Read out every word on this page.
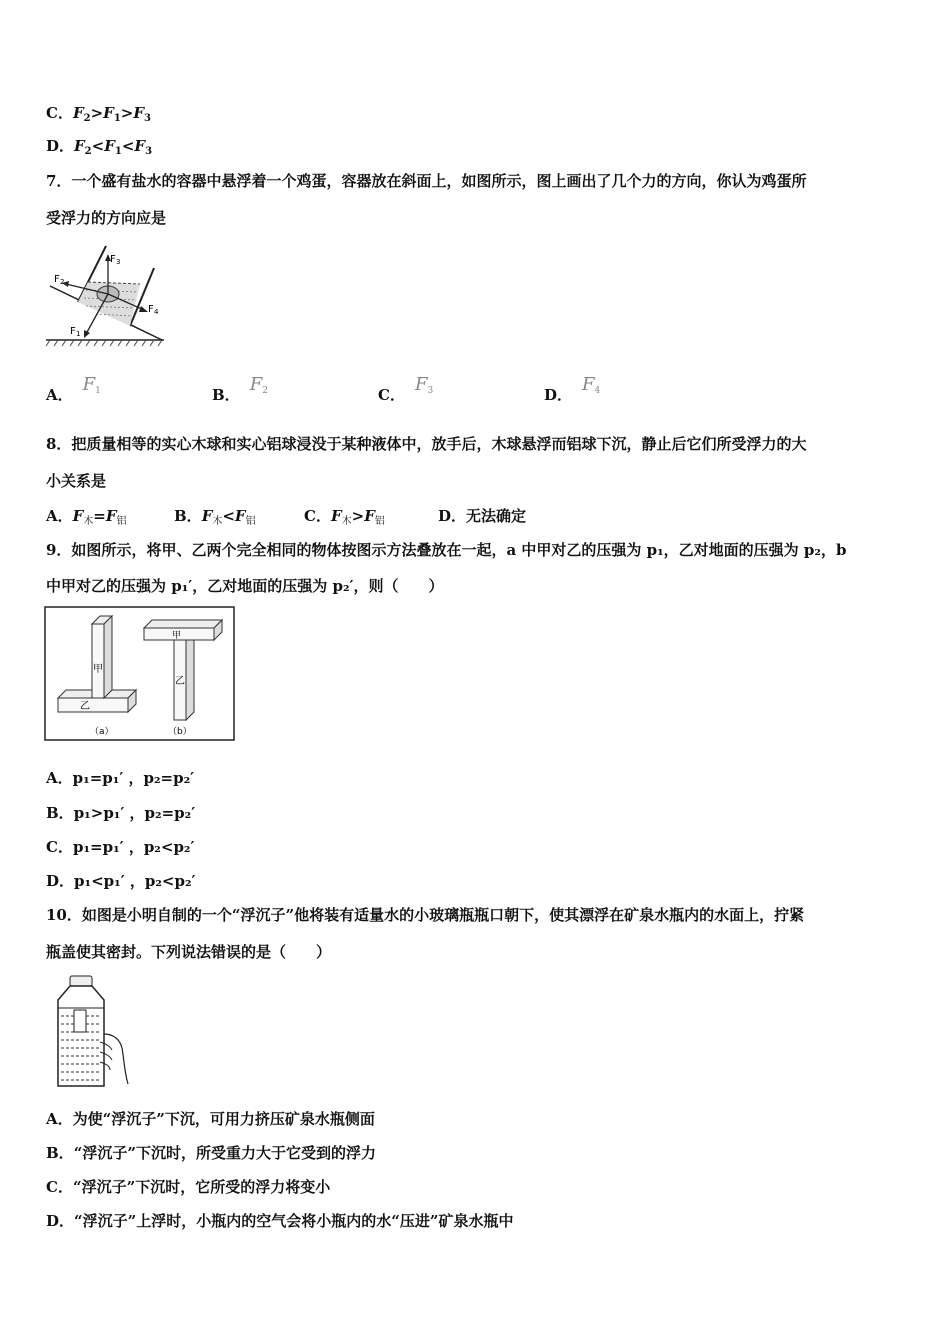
C．$F_2>F_1>F_3$
D．$F_2<F_1<F_3$
7．一个盛有盐水的容器中悬浮着一个鸡蛋，容器放在斜面上，如图所示，图上画出了几个力的方向，你认为鸡蛋所
受浮力的方向应是
F 3
F 2
F 4
F 1
A． $F_1$	B． $F_2$	C． $F_3$	D． $F_4$
8．把质量相等的实心木球和实心铝球浸没于某种液体中，放手后，木球悬浮而铝球下沉，静止后它们所受浮力的大
小关系是
A．$F_木=F_铝$	B．$F_木<F_铝$	C．$F_木>F_铝$	D．无法确定
9．如图所示，将甲、乙两个完全相同的物体按图示方法叠放在一起，a 中甲对乙的压强为 p₁，乙对地面的压强为 p₂，b
中甲对乙的压强为 p₁′，乙对地面的压强为 p₂′，则（　　）
甲
乙
甲
乙
（a）	（b）
A．p₁=p₁′ ，p₂=p₂′
B．p₁>p₁′ ，p₂=p₂′
C．p₁=p₁′ ，p₂<p₂′
D．p₁<p₁′ ，p₂<p₂′
10．如图是小明自制的一个“浮沉子”他将装有适量水的小玻璃瓶瓶口朝下，使其漂浮在矿泉水瓶内的水面上，拧紧
瓶盖使其密封。下列说法错误的是（　　）
A．为使“浮沉子”下沉，可用力挤压矿泉水瓶侧面
B．“浮沉子”下沉时，所受重力大于它受到的浮力
C．“浮沉子”下沉时，它所受的浮力将变小
D．“浮沉子”上浮时，小瓶内的空气会将小瓶内的水“压进”矿泉水瓶中
